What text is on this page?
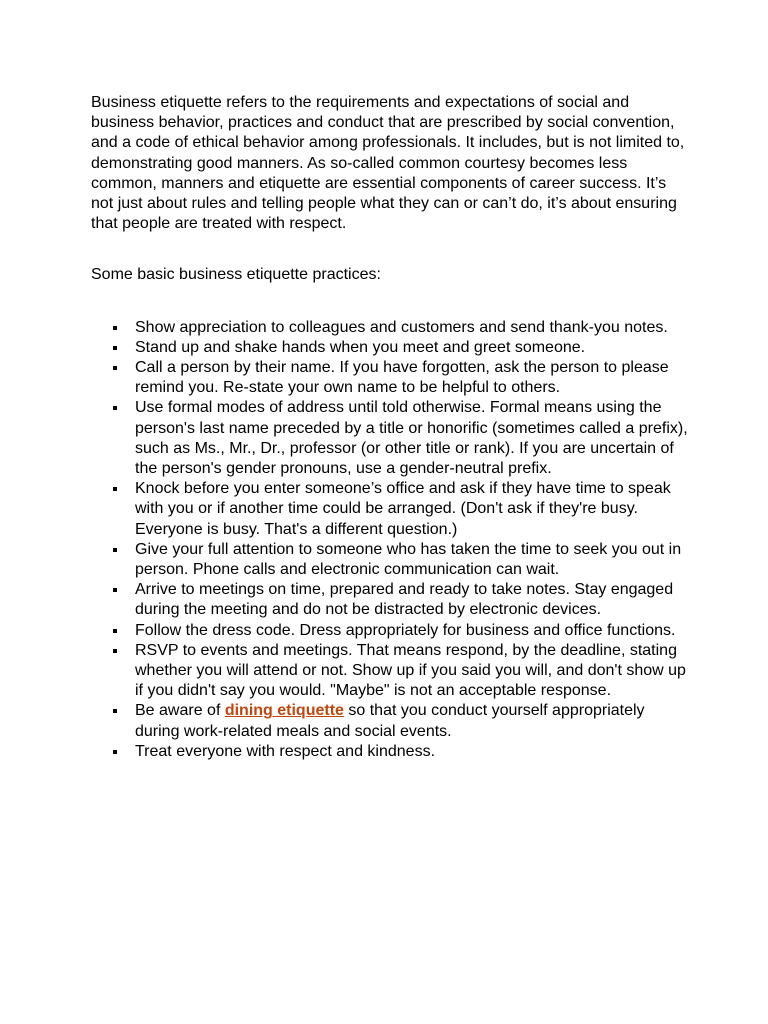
Business etiquette refers to the requirements and expectations of social and business behavior, practices and conduct that are prescribed by social convention, and a code of ethical behavior among professionals. It includes, but is not limited to, demonstrating good manners. As so-called common courtesy becomes less common, manners and etiquette are essential components of career success. It’s not just about rules and telling people what they can or can’t do, it’s about ensuring that people are treated with respect.

Some basic business etiquette practices:

Show appreciation to colleagues and customers and send thank-you notes.
Stand up and shake hands when you meet and greet someone.
Call a person by their name. If you have forgotten, ask the person to please remind you. Re-state your own name to be helpful to others.
Use formal modes of address until told otherwise. Formal means using the person's last name preceded by a title or honorific (sometimes called a prefix), such as Ms., Mr., Dr., professor (or other title or rank). If you are uncertain of the person's gender pronouns, use a gender-neutral prefix.
Knock before you enter someone’s office and ask if they have time to speak with you or if another time could be arranged. (Don't ask if they're busy. Everyone is busy. That's a different question.)
Give your full attention to someone who has taken the time to seek you out in person. Phone calls and electronic communication can wait.
Arrive to meetings on time, prepared and ready to take notes. Stay engaged during the meeting and do not be distracted by electronic devices.
Follow the dress code. Dress appropriately for business and office functions.
RSVP to events and meetings. That means respond, by the deadline, stating whether you will attend or not. Show up if you said you will, and don't show up if you didn't say you would. "Maybe" is not an acceptable response.
Be aware of dining etiquette so that you conduct yourself appropriately during work-related meals and social events.
Treat everyone with respect and kindness.
